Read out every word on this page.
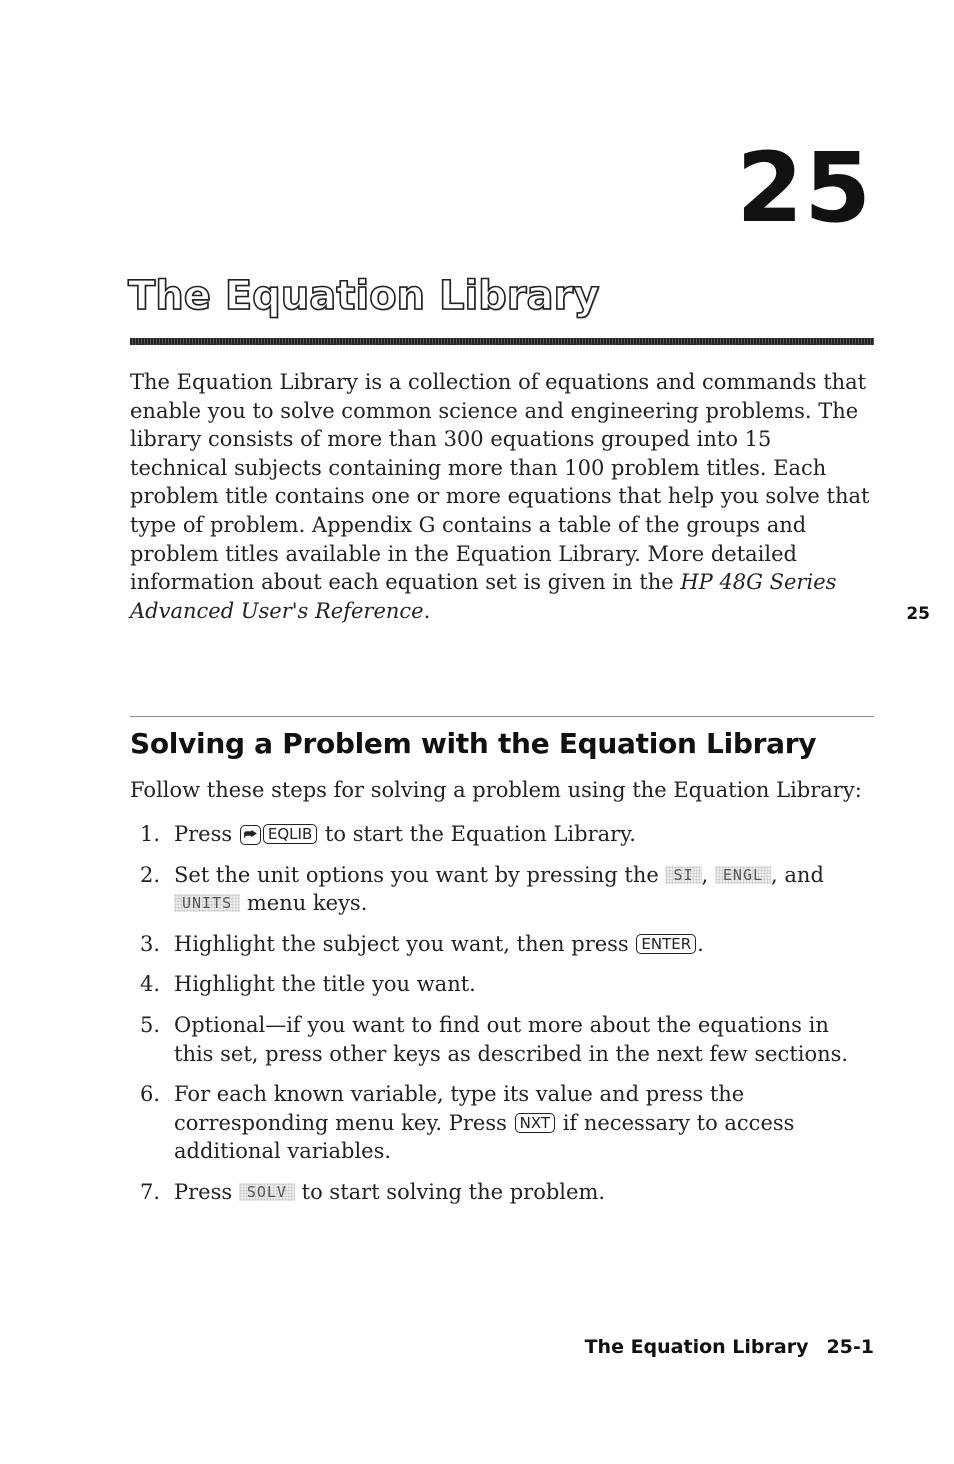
25
The Equation Library
The Equation Library is a collection of equations and commands that enable you to solve common science and engineering problems. The library consists of more than 300 equations grouped into 15 technical subjects containing more than 100 problem titles. Each problem title contains one or more equations that help you solve that type of problem. Appendix G contains a table of the groups and problem titles available in the Equation Library. More detailed information about each equation set is given in the HP 48G Series Advanced User's Reference.	25
Solving a Problem with the Equation Library
Follow these steps for solving a problem using the Equation Library:
1. Press ⮫ EQLIB to start the Equation Library.
2. Set the unit options you want by pressing the SI , ENGL , and UNITS menu keys.
3. Highlight the subject you want, then press ENTER .
4. Highlight the title you want.
5. Optional—if you want to find out more about the equations in this set, press other keys as described in the next few sections.
6. For each known variable, type its value and press the corresponding menu key. Press NXT if necessary to access additional variables.
7. Press SOLV to start solving the problem.
The Equation Library 25-1
